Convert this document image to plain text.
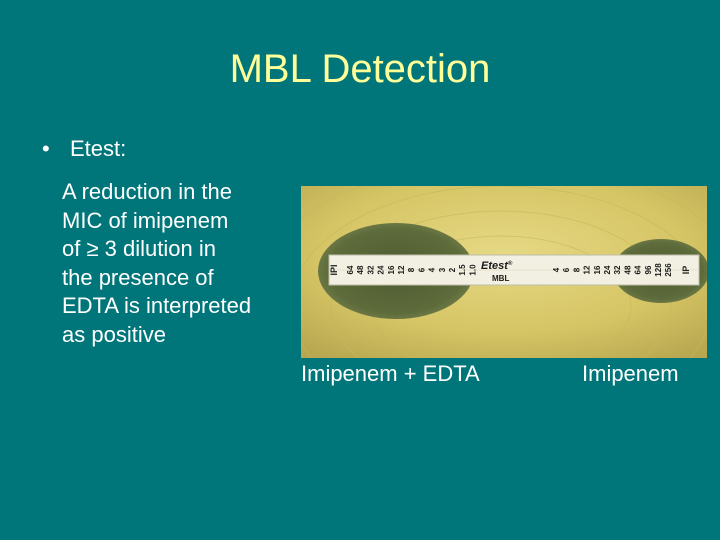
MBL Detection
• Etest:
A reduction in the
MIC of imipenem
of ≥ 3 dilution in
the presence of
EDTA is interpreted
as positive
IPI 64 48 32 24 16 12 8 6 4 3 2 1.5 1.0 Etest®
MBL
4 6 8 12 16 24 32 48 64 96 128 256 IP
Imipenem + EDTA	Imipenem
